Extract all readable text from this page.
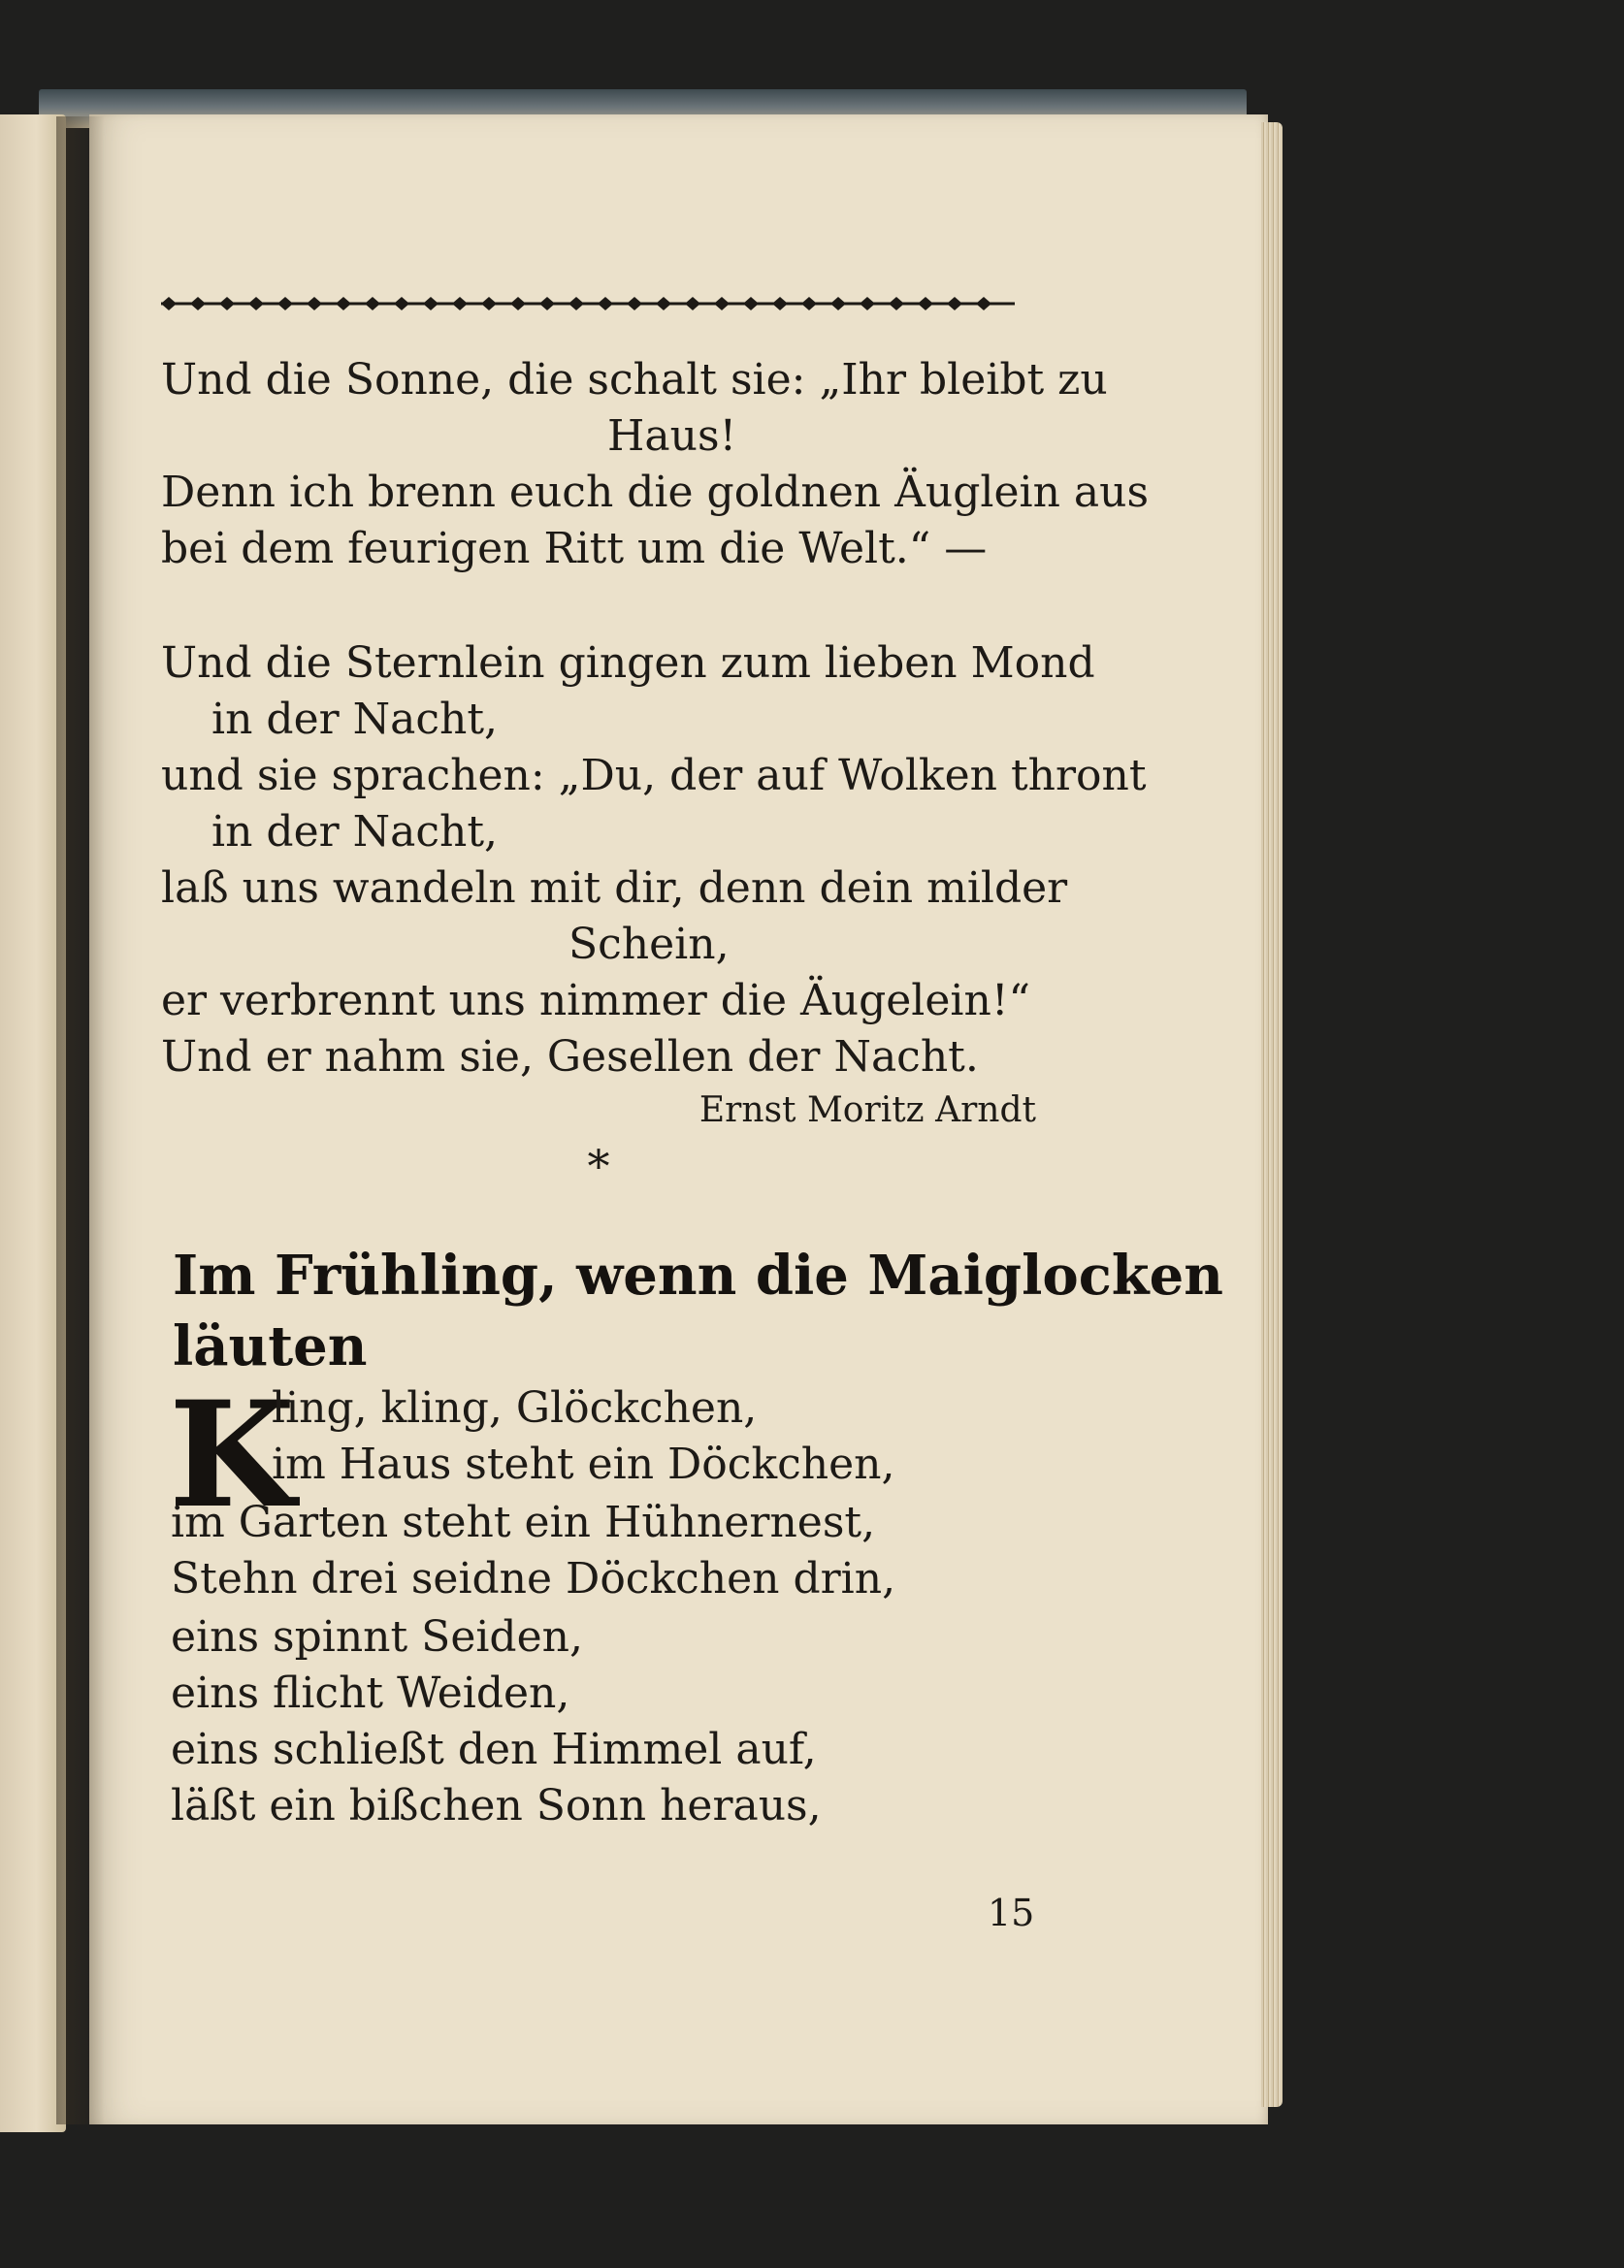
Und die Sonne, die schalt sie: „Ihr bleibt zu
Haus!
Denn ich brenn euch die goldnen Äuglein aus
bei dem feurigen Ritt um die Welt.“ —
Und die Sternlein gingen zum lieben Mond
in der Nacht,
und sie sprachen: „Du, der auf Wolken thront
in der Nacht,
laß uns wandeln mit dir, denn dein milder
Schein,
er verbrennt uns nimmer die Äugelein!“
Und er nahm sie, Gesellen der Nacht.
Ernst Moritz Arndt
*
Im Frühling, wenn die Maiglocken
läuten
K
ling, kling, Glöckchen,
im Haus steht ein Döckchen,
im Garten steht ein Hühnernest,
Stehn drei seidne Döckchen drin,
eins spinnt Seiden,
eins flicht Weiden,
eins schließt den Himmel auf,
läßt ein bißchen Sonn heraus,
15
